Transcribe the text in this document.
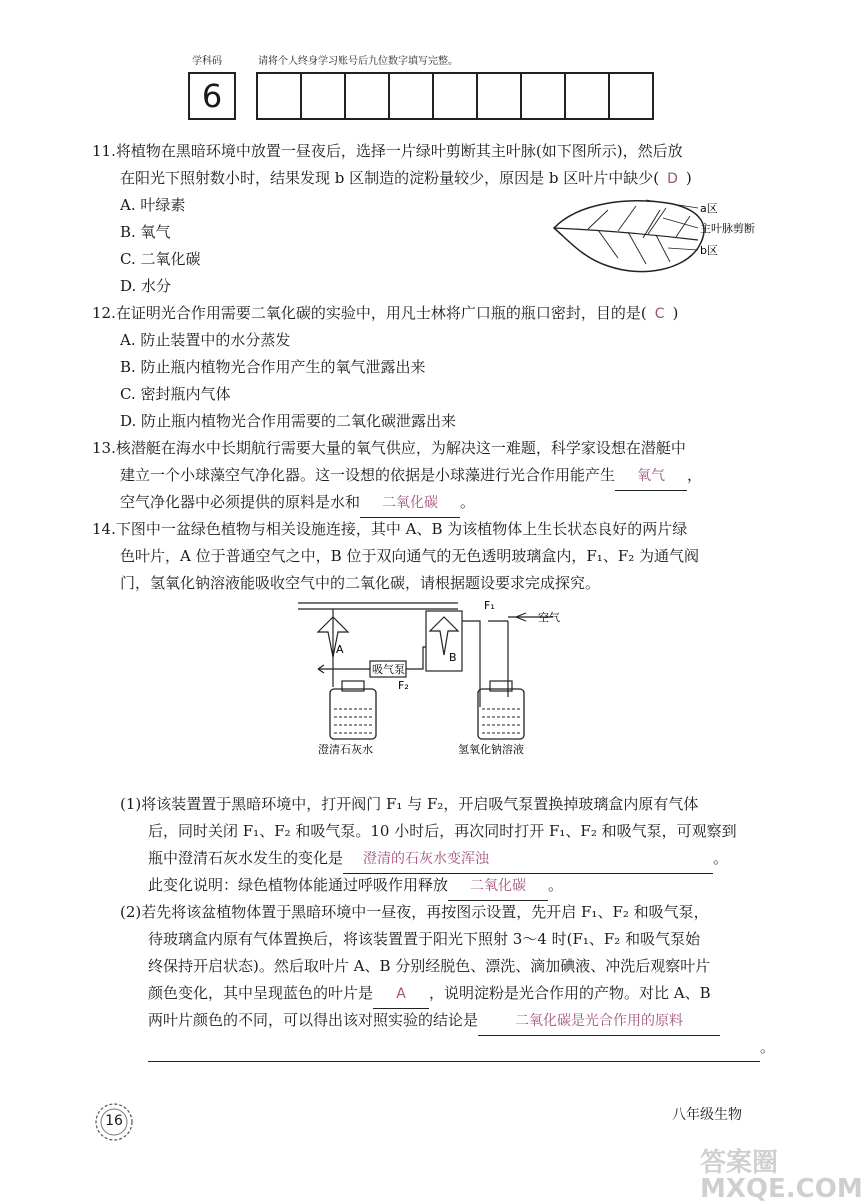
学科码	请将个人终身学习账号后九位数字填写完整。
6
11.将植物在黑暗环境中放置一昼夜后，选择一片绿叶剪断其主叶脉(如下图所示)，然后放
在阳光下照射数小时，结果发现 b 区制造的淀粉量较少，原因是 b 区叶片中缺少( D )
A. 叶绿素
B. 氧气
C. 二氧化碳
D. 水分
a区
主叶脉剪断
b区
12.在证明光合作用需要二氧化碳的实验中，用凡士林将广口瓶的瓶口密封，目的是( C )
A. 防止装置中的水分蒸发
B. 防止瓶内植物光合作用产生的氧气泄露出来
C. 密封瓶内气体
D. 防止瓶内植物光合作用需要的二氧化碳泄露出来
13.核潜艇在海水中长期航行需要大量的氧气供应，为解决这一难题，科学家设想在潜艇中
建立一个小球藻空气净化器。这一设想的依据是小球藻进行光合作用能产生 氧气 ，
空气净化器中必须提供的原料是水和 二氧化碳 。
14.下图中一盆绿色植物与相关设施连接，其中 A、B 为该植物体上生长状态良好的两片绿
色叶片，A 位于普通空气之中，B 位于双向通气的无色透明玻璃盒内，F₁、F₂ 为通气阀
门，氢氧化钠溶液能吸收空气中的二氧化碳，请根据题设要求完成探究。
A
B
吸气泵
F₂
F₁
空气
澄清石灰水	氢氧化钠溶液
(1)将该装置置于黑暗环境中，打开阀门 F₁ 与 F₂，开启吸气泵置换掉玻璃盒内原有气体
后，同时关闭 F₁、F₂ 和吸气泵。10 小时后，再次同时打开 F₁、F₂ 和吸气泵，可观察到
瓶中澄清石灰水发生的变化是 澄清的石灰水变浑浊	。
此变化说明：绿色植物体能通过呼吸作用释放 二氧化碳 。
(2)若先将该盆植物体置于黑暗环境中一昼夜，再按图示设置，先开启 F₁、F₂ 和吸气泵，
待玻璃盒内原有气体置换后，将该装置置于阳光下照射 3～4 时(F₁、F₂ 和吸气泵始
终保持开启状态)。然后取叶片 A、B 分别经脱色、漂洗、滴加碘液、冲洗后观察叶片
颜色变化，其中呈现蓝色的叶片是 A ，说明淀粉是光合作用的产物。对比 A、B
两叶片颜色的不同，可以得出该对照实验的结论是	二氧化碳是光合作用的原料
。
16	八年级生物
答案圈 MXQE.COM
